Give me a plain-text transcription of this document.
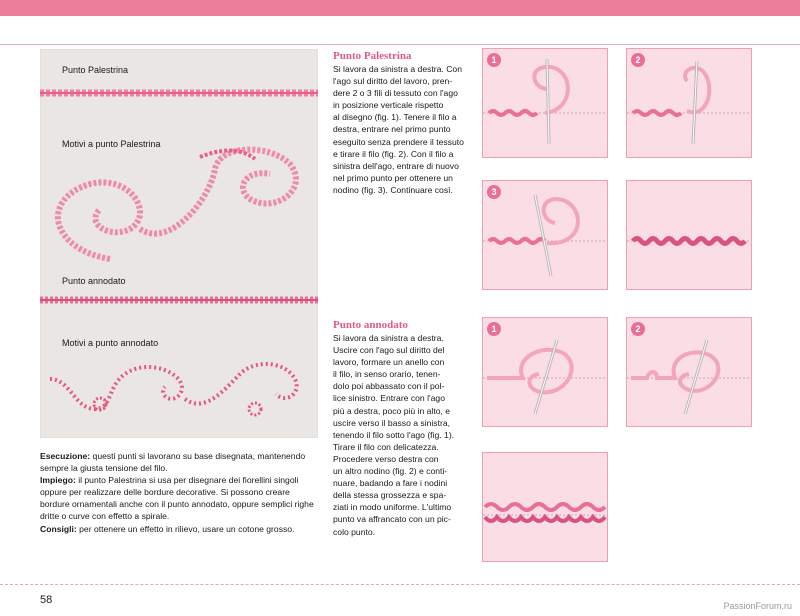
Punto Palestrina
Motivi a punto Palestrina
Punto annodato
Motivi a punto annodato
Esecuzione: questi punti si lavorano su base disegnata, mantenendo sempre la giusta tensione del filo.
Impiego: il punto Palestrina si usa per disegnare dei fiorellini singoli oppure per realizzare delle bordure decorative. Si possono creare bordure ornamentali anche con il punto annodato, oppure semplici righe dritte o curve con effetto a spirale.
Consigli: per ottenere un effetto in rilievo, usare un cotone grosso.
Punto Palestrina
Si lavora da sinistra a destra. Con
l'ago sul diritto del lavoro, pren-
dere 2 o 3 fili di tessuto con l'ago
in posizione verticale rispetto
al disegno (fig. 1). Tenere il filo a
destra, entrare nel primo punto
eseguito senza prendere il tessuto
e tirare il filo (fig. 2). Con il filo a
sinistra dell'ago, entrare di nuovo
nel primo punto per ottenere un
nodino (fig. 3). Continuare così.
Punto annodato
Si lavora da sinistra a destra.
Uscire con l'ago sul diritto del
lavoro, formare un anello con
il filo, in senso orario, tenen-
dolo poi abbassato con il pol-
lice sinistro. Entrare con l'ago
più a destra, poco più in alto, e
uscire verso il basso a sinistra,
tenendo il filo sotto l'ago (fig. 1).
Tirare il filo con delicatezza.
Procedere verso destra con
un altro nodino (fig. 2) e conti-
nuare, badando a fare i nodini
della stessa grossezza e spa-
ziati in modo uniforme. L'ultimo
punto va affrancato con un pic-
colo punto.
1	2
3
1	2
58	PassionForum.ru
